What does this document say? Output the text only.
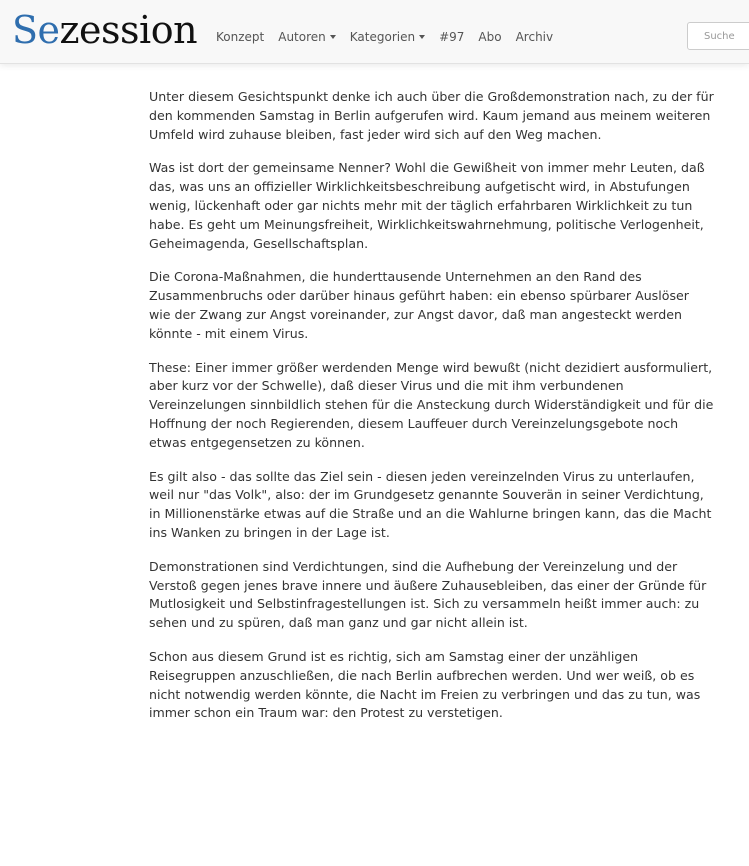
Sezession Konzept Autoren Kategorien #97 Abo Archiv
Suche

Unter diesem Gesichtspunkt denke ich auch über die Großdemonstration nach, zu der für den kommenden Samstag in Berlin aufgerufen wird. Kaum jemand aus meinem weiteren Umfeld wird zuhause bleiben, fast jeder wird sich auf den Weg machen.

Was ist dort der gemeinsame Nenner? Wohl die Gewißheit von immer mehr Leuten, daß das, was uns an offizieller Wirklichkeitsbeschreibung aufgetischt wird, in Abstufungen wenig, lückenhaft oder gar nichts mehr mit der täglich erfahrbaren Wirklichkeit zu tun habe. Es geht um Meinungsfreiheit, Wirklichkeitswahrnehmung, politische Verlogenheit, Geheimagenda, Gesellschaftsplan.

Die Corona-Maßnahmen, die hunderttausende Unternehmen an den Rand des Zusammenbruchs oder darüber hinaus geführt haben: ein ebenso spürbarer Auslöser wie der Zwang zur Angst voreinander, zur Angst davor, daß man angesteckt werden könnte - mit einem Virus.

These: Einer immer größer werdenden Menge wird bewußt (nicht dezidiert ausformuliert, aber kurz vor der Schwelle), daß dieser Virus und die mit ihm verbundenen Vereinzelungen sinnbildlich stehen für die Ansteckung durch Widerständigkeit und für die Hoffnung der noch Regierenden, diesem Lauffeuer durch Vereinzelungsgebote noch etwas entgegensetzen zu können.

Es gilt also - das sollte das Ziel sein - diesen jeden vereinzelnden Virus zu unterlaufen, weil nur "das Volk", also: der im Grundgesetz genannte Souverän in seiner Verdichtung, in Millionenstärke etwas auf die Straße und an die Wahlurne bringen kann, das die Macht ins Wanken zu bringen in der Lage ist.

Demonstrationen sind Verdichtungen, sind die Aufhebung der Vereinzelung und der Verstoß gegen jenes brave innere und äußere Zuhausebleiben, das einer der Gründe für Mutlosigkeit und Selbstinfragestellungen ist. Sich zu versammeln heißt immer auch: zu sehen und zu spüren, daß man ganz und gar nicht allein ist.

Schon aus diesem Grund ist es richtig, sich am Samstag einer der unzähligen Reisegruppen anzuschließen, die nach Berlin aufbrechen werden. Und wer weiß, ob es nicht notwendig werden könnte, die Nacht im Freien zu verbringen und das zu tun, was immer schon ein Traum war: den Protest zu verstetigen.
